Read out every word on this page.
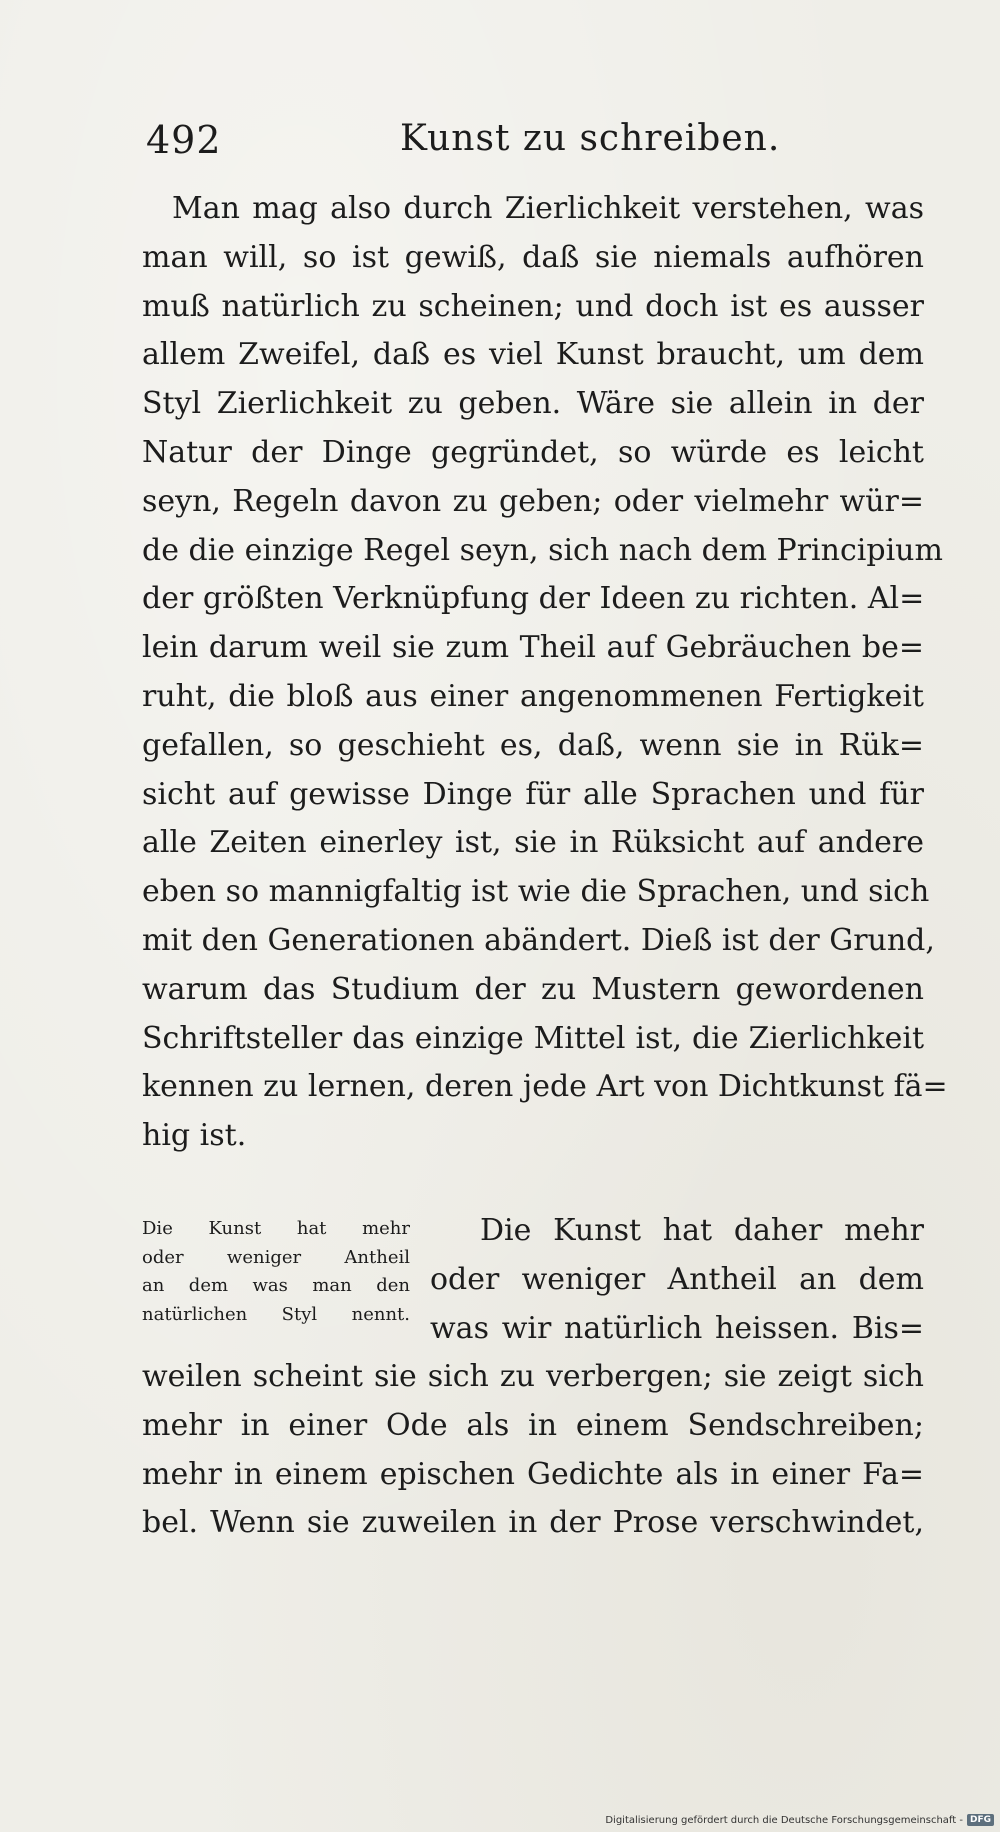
492	Kunst zu schreiben.
Man mag also durch Zierlichkeit verstehen, was
man will, so ist gewiß, daß sie niemals aufhören
muß natürlich zu scheinen; und doch ist es ausser
allem Zweifel, daß es viel Kunst braucht, um dem
Styl Zierlichkeit zu geben. Wäre sie allein in der
Natur der Dinge gegründet, so würde es leicht
seyn, Regeln davon zu geben; oder vielmehr wür=
de die einzige Regel seyn, sich nach dem Principium
der größten Verknüpfung der Ideen zu richten. Al=
lein darum weil sie zum Theil auf Gebräuchen be=
ruht, die bloß aus einer angenommenen Fertigkeit
gefallen, so geschieht es, daß, wenn sie in Rük=
sicht auf gewisse Dinge für alle Sprachen und für
alle Zeiten einerley ist, sie in Rüksicht auf andere
eben so mannigfaltig ist wie die Sprachen, und sich
mit den Generationen abändert. Dieß ist der Grund,
warum das Studium der zu Mustern gewordenen
Schriftsteller das einzige Mittel ist, die Zierlichkeit
kennen zu lernen, deren jede Art von Dichtkunst fä=
hig ist.
Die Kunst hat mehr
oder weniger Antheil
an dem was man den
natürlichen Styl nennt.
Die Kunst hat daher mehr
oder weniger Antheil an dem
was wir natürlich heissen. Bis=
weilen scheint sie sich zu verbergen; sie zeigt sich
mehr in einer Ode als in einem Sendschreiben;
mehr in einem epischen Gedichte als in einer Fa=
bel. Wenn sie zuweilen in der Prose verschwindet,
Digitalisierung gefördert durch die Deutsche Forschungsgemeinschaft - DFG
